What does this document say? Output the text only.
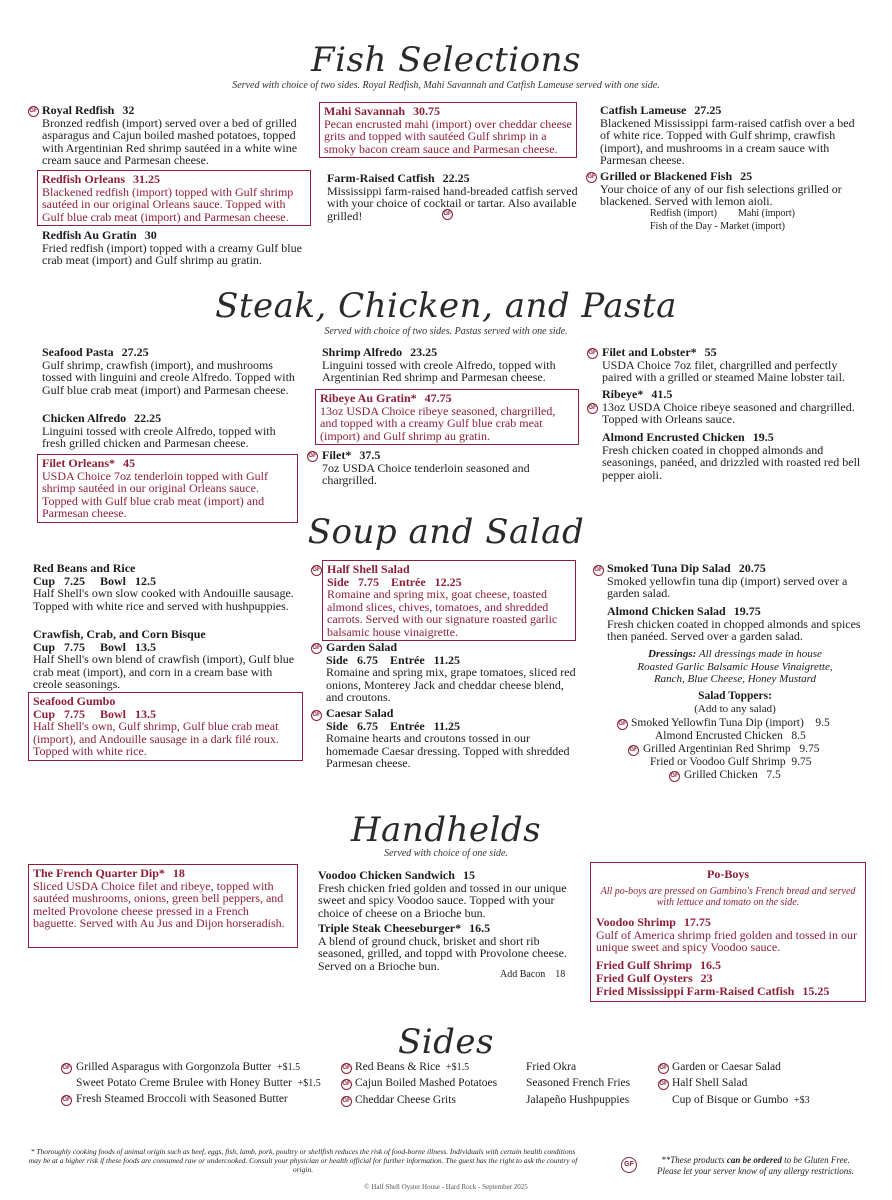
Fish Selections
Served with choice of two sides. Royal Redfish, Mahi Savannah and Catfish Lameuse served with one side.
GF Royal Redfish 32
Bronzed redfish (import) served over a bed of grilled asparagus and Cajun boiled mashed potatoes, topped with Argentinian Red shrimp sautéed in a white wine cream sauce and Parmesan cheese.
Redfish Orleans 31.25
Blackened redfish (import) topped with Gulf shrimp sautéed in our original Orleans sauce. Topped with Gulf blue crab meat (import) and Parmesan cheese.
Redfish Au Gratin 30
Fried redfish (import) topped with a creamy Gulf blue crab meat (import) and Gulf shrimp au gratin.
Mahi Savannah 30.75
Pecan encrusted mahi (import) over cheddar cheese grits and topped with sautéed Gulf shrimp in a smoky bacon cream sauce and Parmesan cheese.
Farm-Raised Catfish 22.25
Mississippi farm-raised hand-breaded catfish served with your choice of cocktail or tartar. Also available grilled!	GF
Catfish Lameuse 27.25
Blackened Mississippi farm-raised catfish over a bed of white rice. Topped with Gulf shrimp, crawfish (import), and mushrooms in a cream sauce with Parmesan cheese.
GF Grilled or Blackened Fish 25
Your choice of any of our fish selections grilled or blackened. Served with lemon aioli.
Redfish (import) Mahi (import)
Fish of the Day - Market (import)
Steak, Chicken, and Pasta
Served with choice of two sides. Pastas served with one side.
Seafood Pasta 27.25
Gulf shrimp, crawfish (import), and mushrooms tossed with linguini and creole Alfredo. Topped with Gulf blue crab meat (import) and Parmesan cheese.
Chicken Alfredo 22.25
Linguini tossed with creole Alfredo, topped with fresh grilled chicken and Parmesan cheese.
Filet Orleans* 45
USDA Choice 7oz tenderloin topped with Gulf shrimp sautéed in our original Orleans sauce. Topped with Gulf blue crab meat (import) and Parmesan cheese.
Shrimp Alfredo 23.25
Linguini tossed with creole Alfredo, topped with Argentinian Red shrimp and Parmesan cheese.
Ribeye Au Gratin* 47.75
13oz USDA Choice ribeye seasoned, chargrilled, and topped with a creamy Gulf blue crab meat (import) and Gulf shrimp au gratin.
GF Filet* 37.5
7oz USDA Choice tenderloin seasoned and chargrilled.
GF Filet and Lobster* 55
USDA Choice 7oz filet, chargrilled and perfectly paired with a grilled or steamed Maine lobster tail.
GF
Ribeye* 41.5
13oz USDA Choice ribeye seasoned and chargrilled. Topped with Orleans sauce.
Almond Encrusted Chicken 19.5
Fresh chicken coated in chopped almonds and seasonings, panéed, and drizzled with roasted red bell pepper aioli.
Soup and Salad
Red Beans and Rice
Cup 7.25 Bowl 12.5
Half Shell's own slow cooked with Andouille sausage. Topped with white rice and served with hushpuppies.
Crawfish, Crab, and Corn Bisque
Cup 7.75 Bowl 13.5
Half Shell's own blend of crawfish (import), Gulf blue crab meat (import), and corn in a cream base with creole seasonings.
Seafood Gumbo
Cup 7.75 Bowl 13.5
Half Shell's own, Gulf shrimp, Gulf blue crab meat (import), and Andouille sausage in a dark filé roux. Topped with white rice.
GF Half Shell Salad
Side 7.75 Entrée 12.25
Romaine and spring mix, goat cheese, toasted almond slices, chives, tomatoes, and shredded carrots. Served with our signature roasted garlic balsamic house vinaigrette.
GF Garden Salad
Side 6.75 Entrée 11.25
Romaine and spring mix, grape tomatoes, sliced red onions, Monterey Jack and cheddar cheese blend, and croutons.
GF Caesar Salad
Side 6.75 Entrée 11.25
Romaine hearts and croutons tossed in our homemade Caesar dressing. Topped with shredded Parmesan cheese.
GF Smoked Tuna Dip Salad 20.75
Smoked yellowfin tuna dip (import) served over a garden salad.
Almond Chicken Salad 19.75
Fresh chicken coated in chopped almonds and spices then panéed. Served over a garden salad.
Dressings: All dressings made in house
Roasted Garlic Balsamic House Vinaigrette,
Ranch, Blue Cheese, Honey Mustard
Salad Toppers:
(Add to any salad)
GF Smoked Yellowfin Tuna Dip (import) 9.5
Almond Encrusted Chicken 8.5
GF Grilled Argentinian Red Shrimp 9.75
Fried or Voodoo Gulf Shrimp 9.75
GF Grilled Chicken 7.5
Handhelds
Served with choice of one side.
The French Quarter Dip* 18
Sliced USDA Choice filet and ribeye, topped with sautéed mushrooms, onions, green bell peppers, and melted Provolone cheese pressed in a French baguette. Served with Au Jus and Dijon horseradish.
Voodoo Chicken Sandwich 15
Fresh chicken fried golden and tossed in our unique sweet and spicy Voodoo sauce. Topped with your choice of cheese on a Brioche bun.
Triple Steak Cheeseburger* 16.5
A blend of ground chuck, brisket and short rib seasoned, grilled, and toppd with Provolone cheese. Served on a Brioche bun.
Add Bacon 18
Po-Boys
All po-boys are pressed on Gambino's French bread and served with lettuce and tomato on the side.
Voodoo Shrimp 17.75
Gulf of America shrimp fried golden and tossed in our unique sweet and spicy Voodoo sauce.
Fried Gulf Shrimp 16.5
Fried Gulf Oysters 23
Fried Mississippi Farm-Raised Catfish 15.25
Sides
GF Grilled Asparagus with Gorgonzola Butter +$1.5
Sweet Potato Creme Brulee with Honey Butter +$1.5
GF Fresh Steamed Broccoli with Seasoned Butter
GF Red Beans & Rice +$1.5
GF Cajun Boiled Mashed Potatoes
GF Cheddar Cheese Grits
Fried Okra
Seasoned French Fries
Jalapeño Hushpuppies
GF Garden or Caesar Salad
GF Half Shell Salad
Cup of Bisque or Gumbo +$3
* Thoroughly cooking foods of animal origin such as beef, eggs, fish, lamb, pork, poultry or shellfish reduces the risk of food-borne illness. Individuals with certain health conditions may be at a higher risk if these foods are consumed raw or undercooked. Consult your physician or health official for further information. The guest has the right to ask the country of origin.
GF	**These products can be ordered to be Gluten Free.
Please let your server know of any allergy restrictions.
© Half Shell Oyster House - Hard Rock - September 2025
